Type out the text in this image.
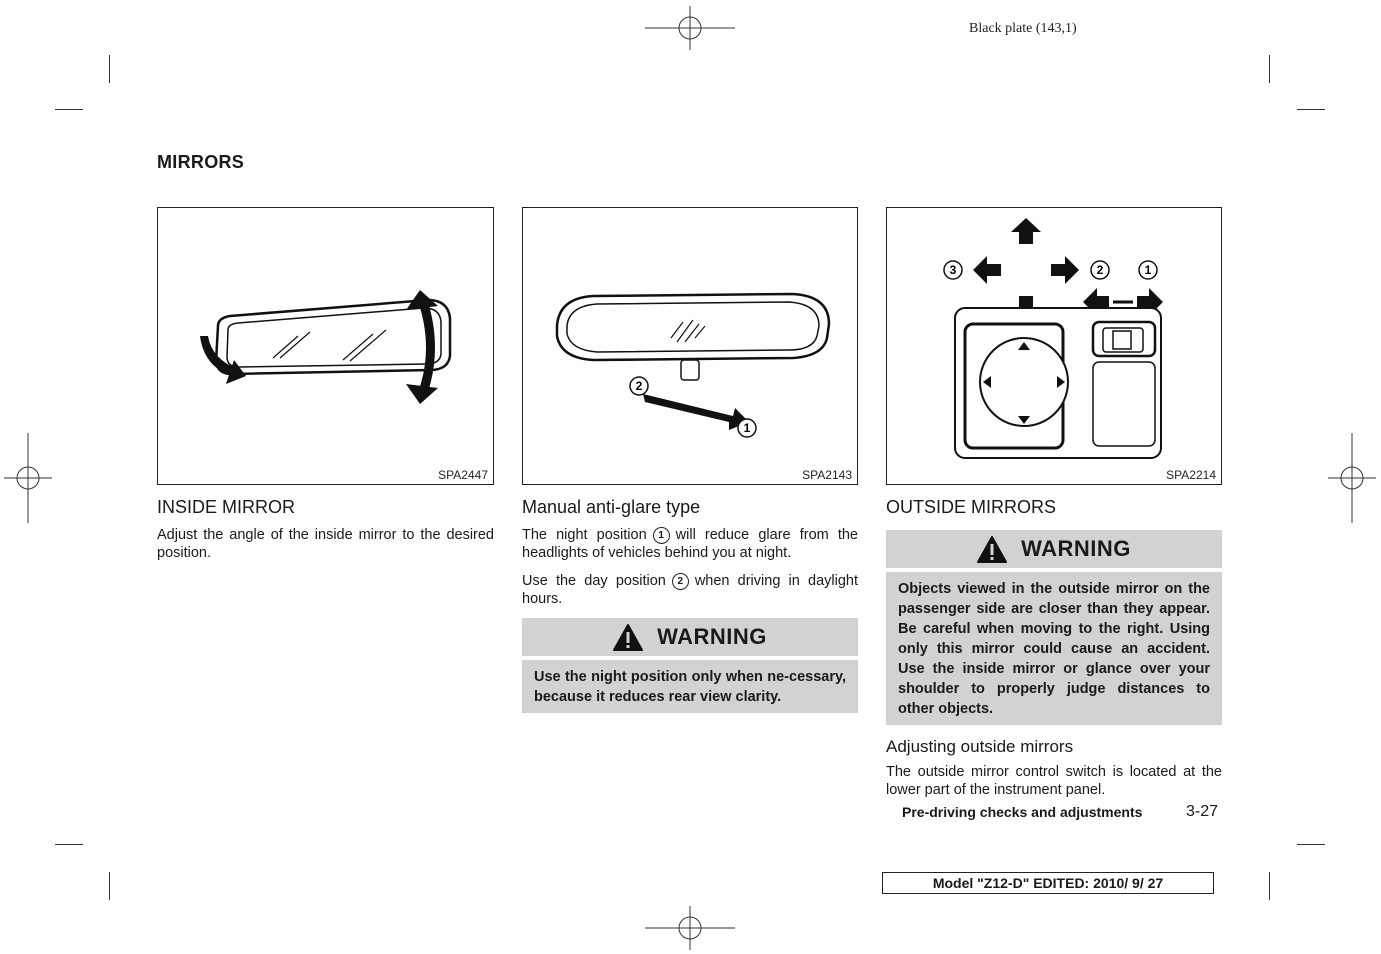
Black plate (143,1)
MIRRORS
SPA2447
2
1
SPA2143
3	2	1
SPA2214
INSIDE MIRROR
Adjust the angle of the inside mirror to the desired position.
Manual anti-glare type
The night position 1 will reduce glare from the headlights of vehicles behind you at night.
Use the day position 2 when driving in daylight hours.
WARNING
Use the night position only when ne-cessary, because it reduces rear view clarity.
OUTSIDE MIRRORS
WARNING
Objects viewed in the outside mirror on the passenger side are closer than they appear. Be careful when moving to the right. Using only this mirror could cause an accident. Use the inside mirror or glance over your shoulder to properly judge distances to other objects.
Adjusting outside mirrors
The outside mirror control switch is located at the lower part of the instrument panel.
Pre-driving checks and adjustments	3-27
Model "Z12-D" EDITED: 2010/ 9/ 27
